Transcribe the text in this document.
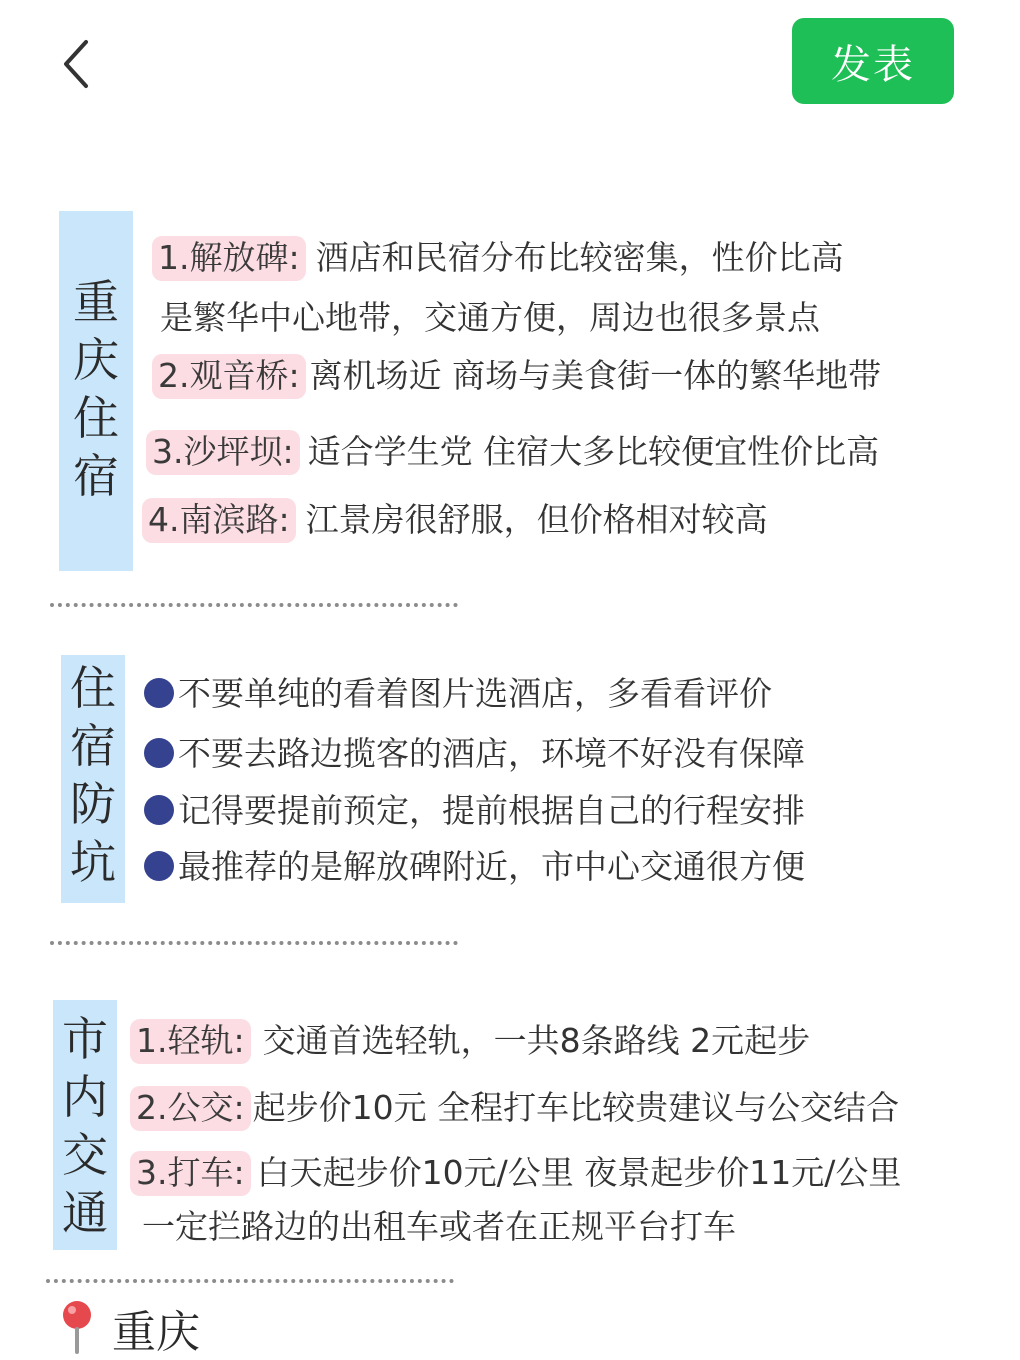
发表
重庆住宿
1.解放碑: 酒店和民宿分布比较密集，性价比高
是繁华中心地带，交通方便，周边也很多景点
2.观音桥: 离机场近 商场与美食街一体的繁华地带
3.沙坪坝: 适合学生党 住宿大多比较便宜性价比高
4.南滨路: 江景房很舒服，但价格相对较高
住宿防坑
不要单纯的看着图片选酒店，多看看评价
不要去路边揽客的酒店，环境不好没有保障
记得要提前预定，提前根据自己的行程安排
最推荐的是解放碑附近，市中心交通很方便
市内交通
1.轻轨: 交通首选轻轨，一共8条路线 2元起步
2.公交: 起步价10元 全程打车比较贵建议与公交结合
3.打车: 白天起步价10元/公里 夜景起步价11元/公里
一定拦路边的出租车或者在正规平台打车
重庆
